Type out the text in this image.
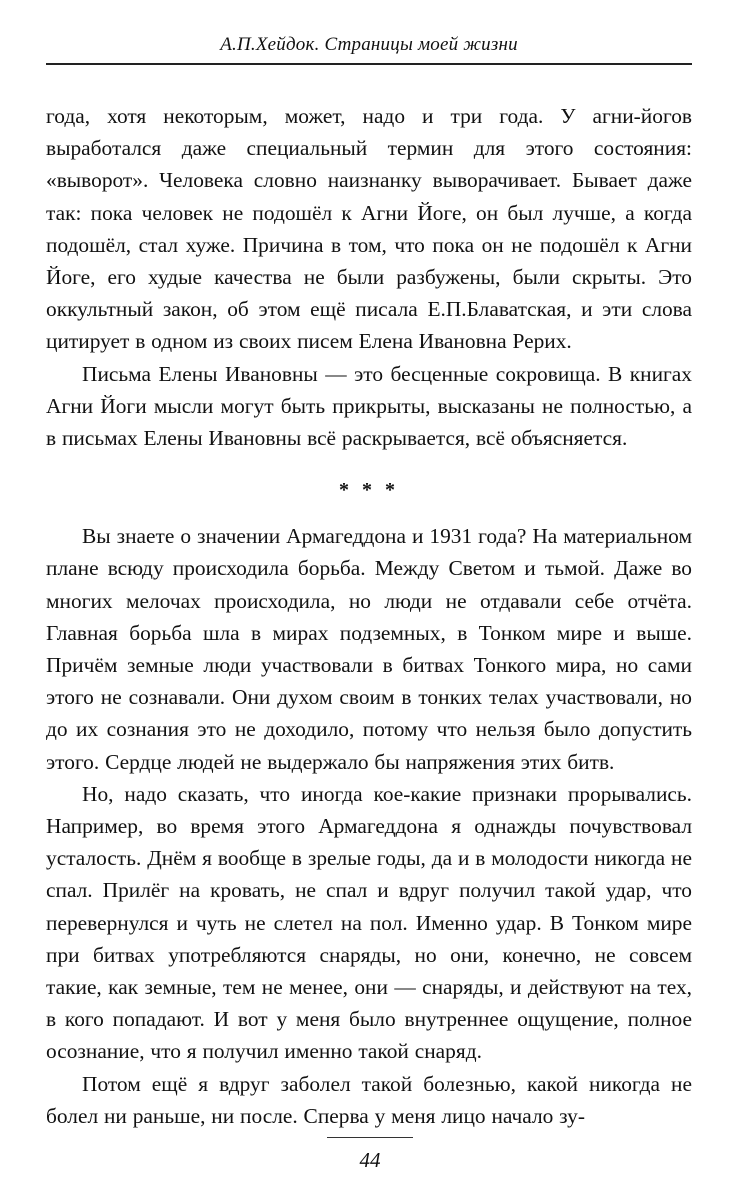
А.П.Хейдок. Страницы моей жизни

года, хотя некоторым, может, надо и три года. У агни-йогов выработался даже специальный термин для этого состояния: «выворот». Человека словно наизнанку выворачивает. Бывает даже так: пока человек не подошёл к Агни Йоге, он был лучше, а когда подошёл, стал хуже. Причина в том, что пока он не подошёл к Агни Йоге, его худые качества не были разбужены, были скрыты. Это оккультный закон, об этом ещё писала Е.П.Блаватская, и эти слова цитирует в одном из своих писем Елена Ивановна Рерих.

Письма Елены Ивановны — это бесценные сокровища. В книгах Агни Йоги мысли могут быть прикрыты, высказаны не полностью, а в письмах Елены Ивановны всё раскрывается, всё объясняется.

* * *

Вы знаете о значении Армагеддона и 1931 года? На материальном плане всюду происходила борьба. Между Светом и тьмой. Даже во многих мелочах происходила, но люди не отдавали себе отчёта. Главная борьба шла в мирах подземных, в Тонком мире и выше. Причём земные люди участвовали в битвах Тонкого мира, но сами этого не сознавали. Они духом своим в тонких телах участвовали, но до их сознания это не доходило, потому что нельзя было допустить этого. Сердце людей не выдержало бы напряжения этих битв.

Но, надо сказать, что иногда кое-какие признаки прорывались. Например, во время этого Армагеддона я однажды почувствовал усталость. Днём я вообще в зрелые годы, да и в молодости никогда не спал. Прилёг на кровать, не спал и вдруг получил такой удар, что перевернулся и чуть не слетел на пол. Именно удар. В Тонком мире при битвах употребляются снаряды, но они, конечно, не совсем такие, как земные, тем не менее, они — снаряды, и действуют на тех, в кого попадают. И вот у меня было внутреннее ощущение, полное осознание, что я получил именно такой снаряд.

Потом ещё я вдруг заболел такой болезнью, какой никогда не болел ни раньше, ни после. Сперва у меня лицо начало зу-

44
